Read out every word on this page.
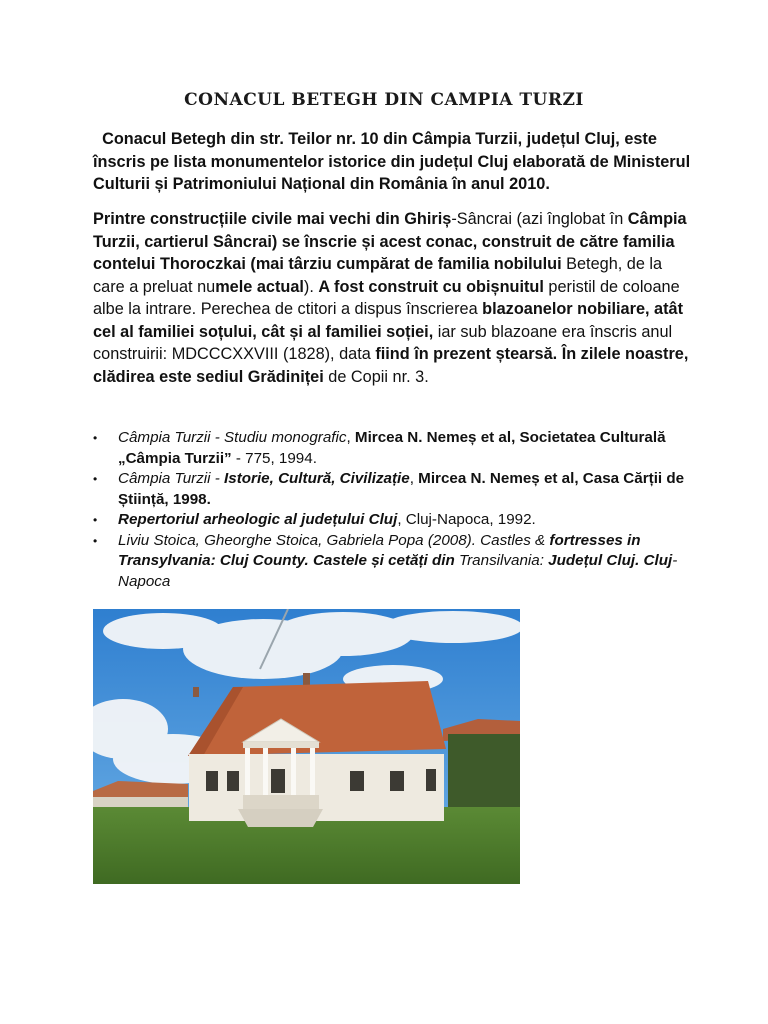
CONACUL BETEGH DIN CAMPIA TURZI

Conacul Betegh din str. Teilor nr. 10 din Câmpia Turzii, județul Cluj, este înscris pe lista monumentelor istorice din județul Cluj elaborată de Ministerul Culturii și Patrimoniului Național din România în anul 2010.

Printre construcțiile civile mai vechi din Ghiriș-Sâncrai (azi înglobat în Câmpia Turzii, cartierul Sâncrai) se înscrie și acest conac, construit de către familia contelui Thoroczkai (mai târziu cumpărat de familia nobilului Betegh, de la care a preluat numele actual). A fost construit cu obișnuitul peristil de coloane albe la intrare. Perechea de ctitori a dispus înscrierea blazoanelor nobiliare, atât cel al familiei soțului, cât și al familiei soției, iar sub blazoane era înscris anul construirii: MDCCCXXVIII (1828), data fiind în prezent ștearsă. În zilele noastre, clădirea este sediul Grădiniței de Copii nr. 3.

• Câmpia Turzii - Studiu monografic, Mircea N. Nemeș et al, Societatea Culturală „Câmpia Turzii” - 775, 1994.
• Câmpia Turzii - Istorie, Cultură, Civilizație, Mircea N. Nemeș et al, Casa Cărții de Știință, 1998.
• Repertoriul arheologic al județului Cluj, Cluj-Napoca, 1992.
• Liviu Stoica, Gheorghe Stoica, Gabriela Popa (2008). Castles & fortresses in Transylvania: Cluj County. Castele și cetăți din Transilvania: Județul Cluj. Cluj-Napoca
